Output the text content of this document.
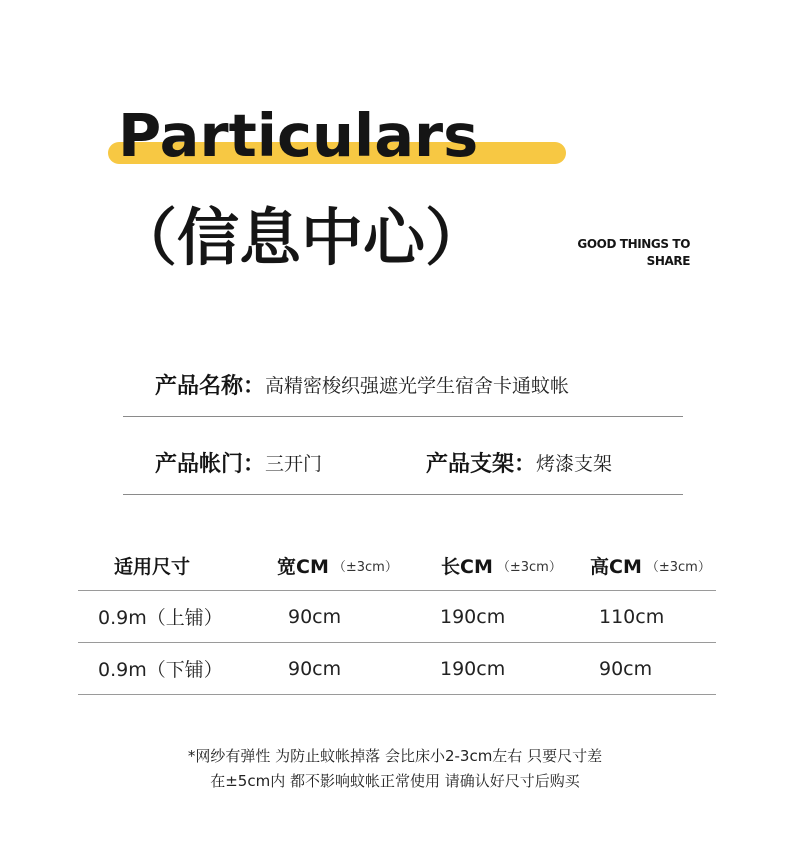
Particulars
（信息中心）	GOOD THINGS TO
SHARE
产品名称： 高精密梭织强遮光学生宿舍卡通蚊帐
产品帐门： 三开门	产品支架： 烤漆支架
适用尺寸	宽CM （±3cm） 长CM （±3cm） 高CM （±3cm）
0.9m（上铺）	90cm	190cm	110cm
0.9m（下铺）	90cm	190cm	90cm
*网纱有弹性 为防止蚊帐掉落 会比床小2-3cm左右 只要尺寸差
在±5cm内 都不影响蚊帐正常使用 请确认好尺寸后购买
